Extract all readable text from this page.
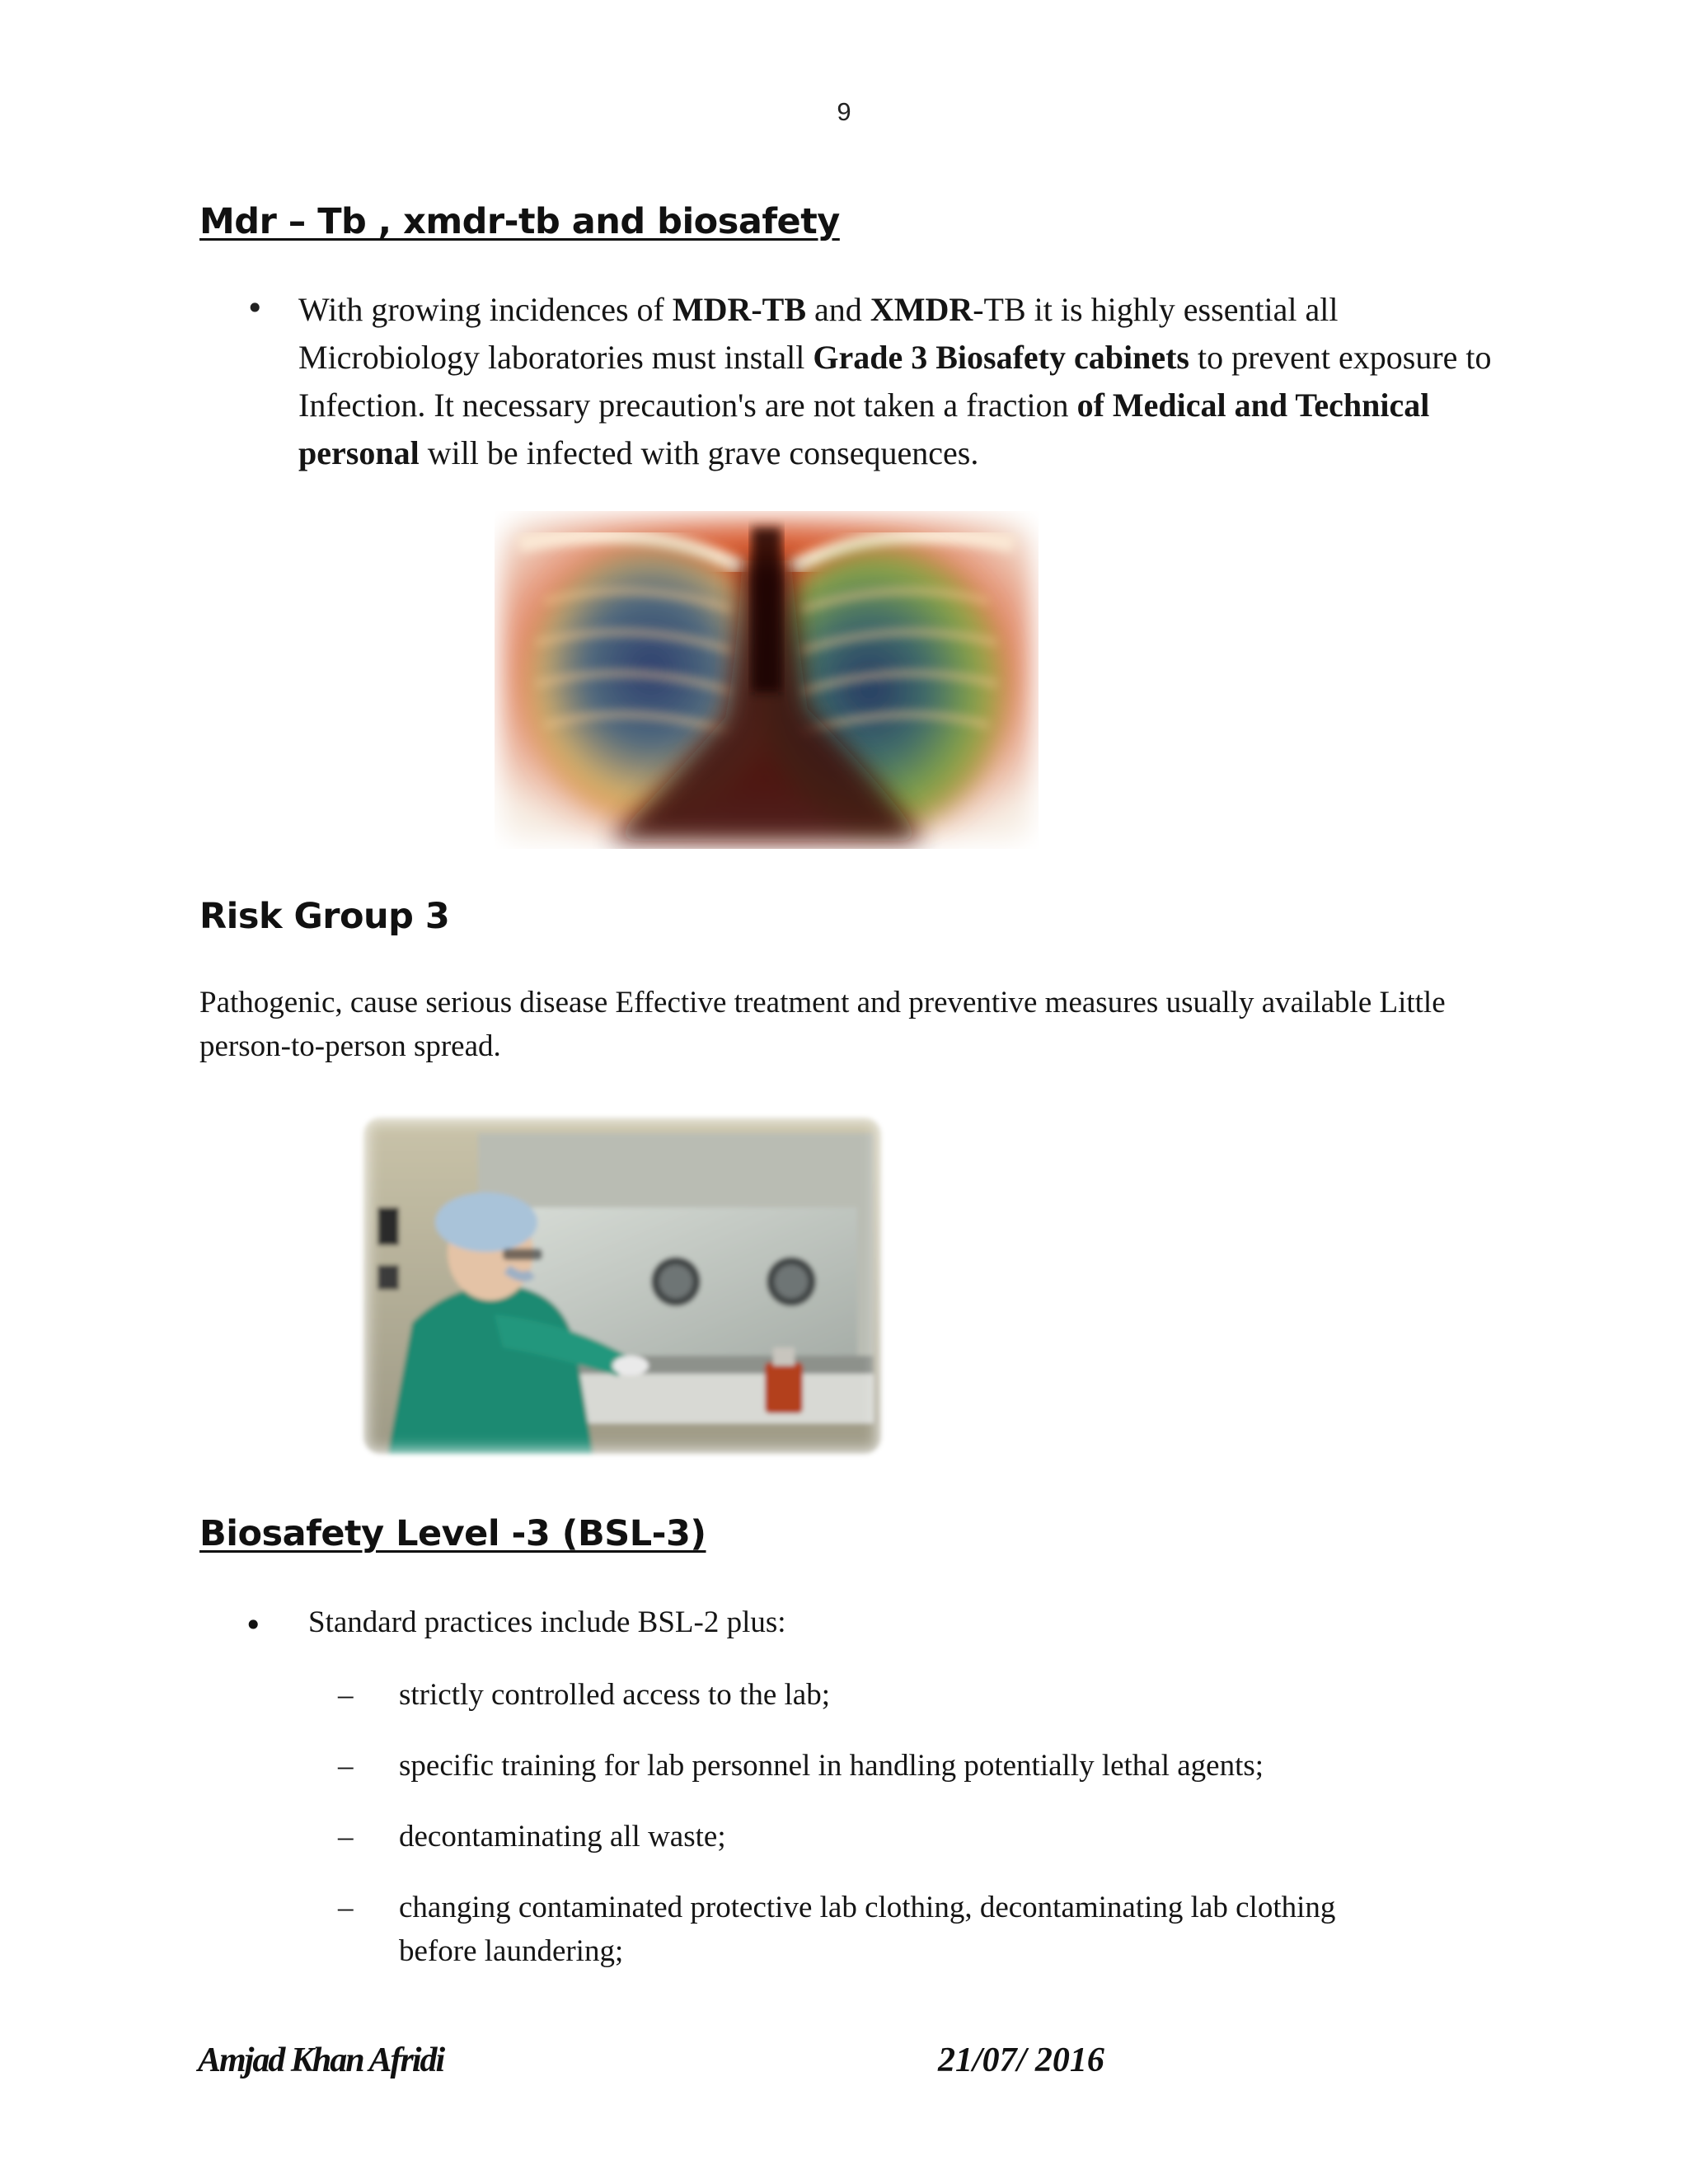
9
Mdr – Tb , xmdr-tb and biosafety
• With growing incidences of MDR-TB and XMDR-TB it is highly essential all Microbiology laboratories must install Grade 3 Biosafety cabinets to prevent exposure to Infection. It necessary precaution's are not taken a fraction of Medical and Technical personal will be infected with grave consequences.

Risk Group 3

Pathogenic, cause serious disease Effective treatment and preventive measures usually available Little person-to-person spread.

Biosafety Level -3 (BSL-3)
• Standard practices include BSL-2 plus:
– strictly controlled access to the lab;
– specific training for lab personnel in handling potentially lethal agents;
– decontaminating all waste;
– changing contaminated protective lab clothing, decontaminating lab clothing before laundering;
Amjad Khan Afridi	21/07/ 2016
